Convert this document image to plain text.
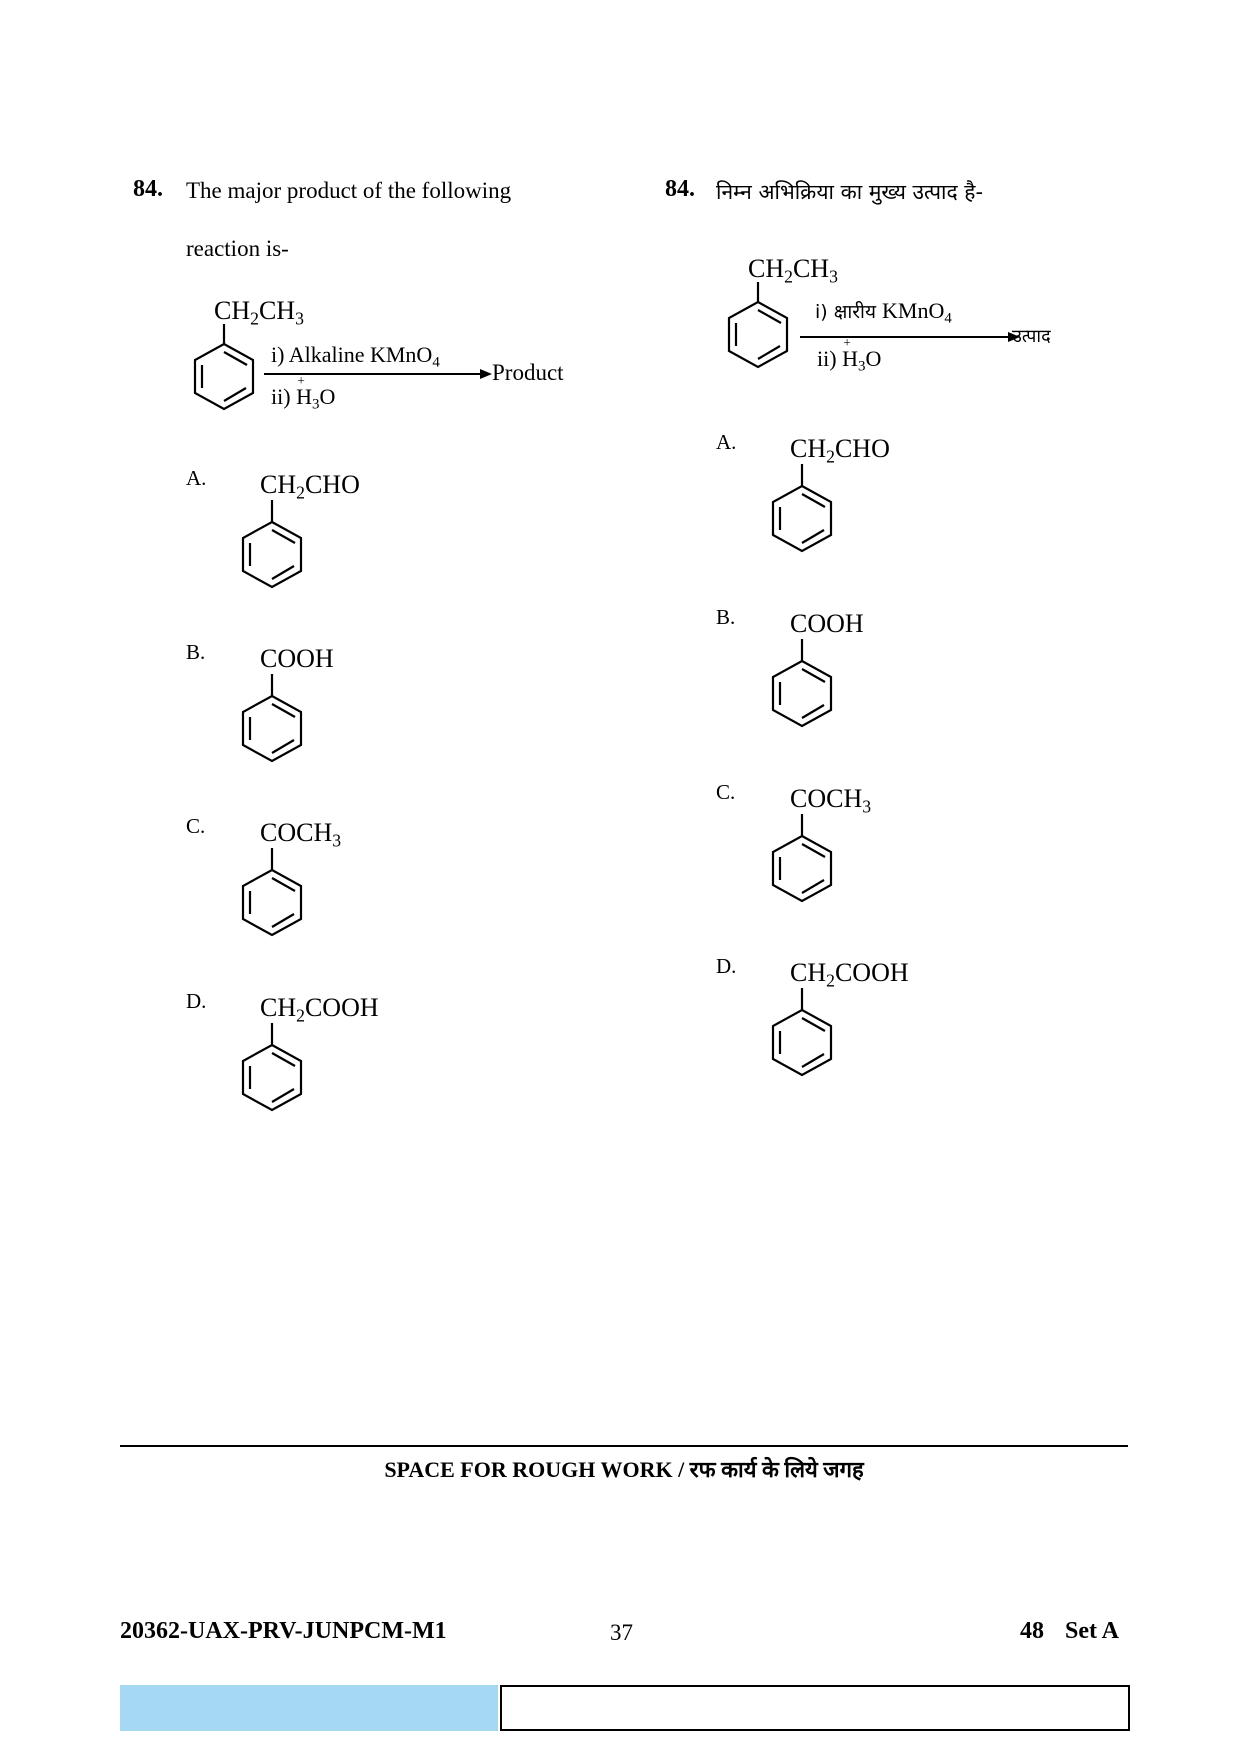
84. The major product of the following
reaction is-
$CH_2CH_3$
i) Alkaline KMnO$_4$
ii) $H_3$
+
O
Product
A. $CH_2CHO$
B. COOH
C. $COCH_3$
D. $CH_2COOH$
84. निम्न अभिक्रिया का मुख्य उत्पाद है-
$CH_2CH_3$
i) क्षारीय KMnO$_4$
ii) $H_3$
+
O
उत्पाद
A. $CH_2CHO$
B. COOH
C. $COCH_3$
D. $CH_2COOH$
SPACE FOR ROUGH WORK / रफ कार्य के लिये जगह
20362-UAX-PRV-JUNPCM-M1	37	48 Set A
